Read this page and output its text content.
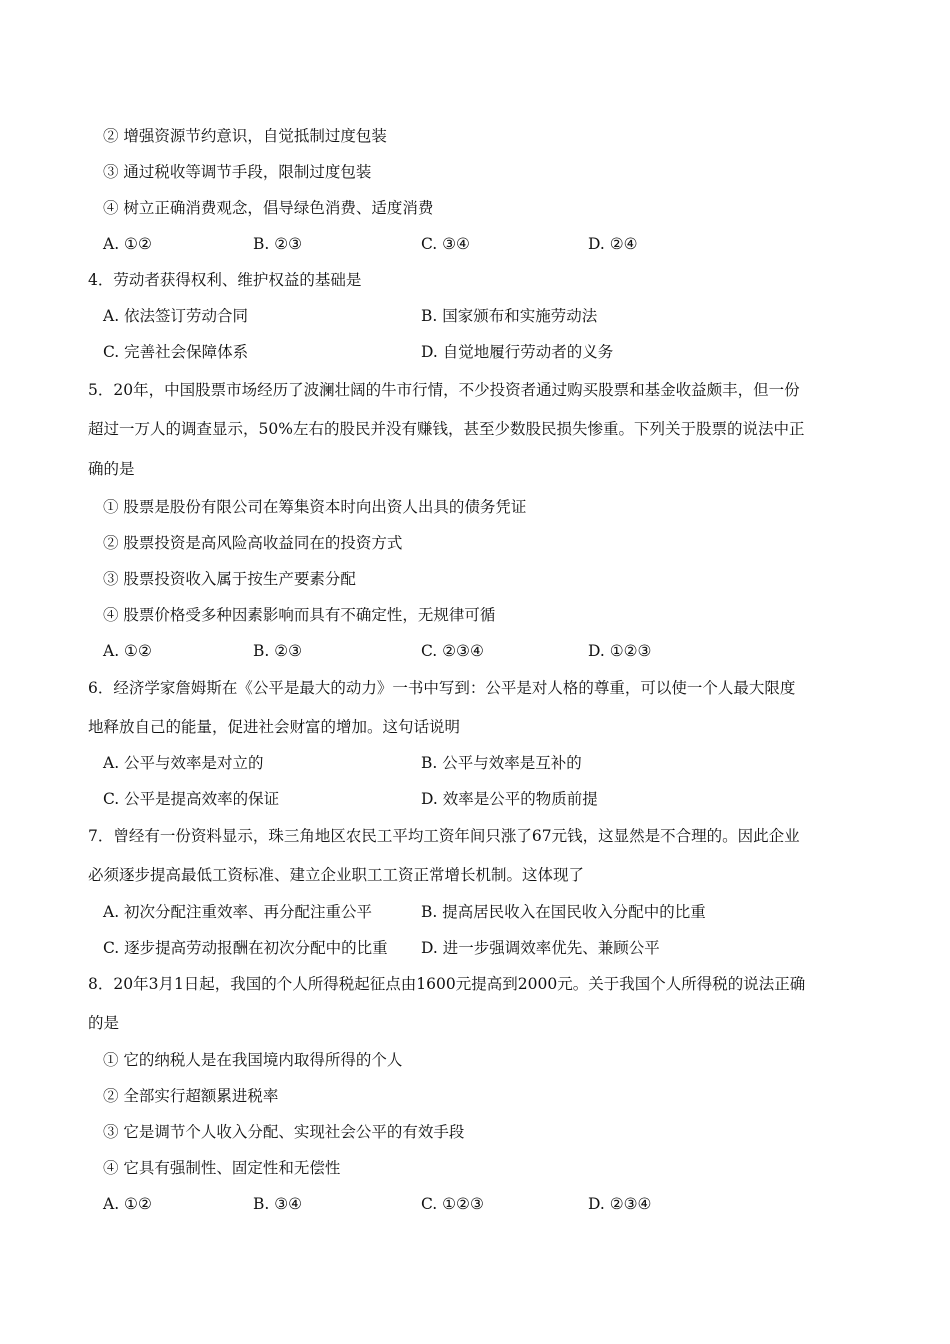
② 增强资源节约意识，自觉抵制过度包装
③ 通过税收等调节手段，限制过度包装
④ 树立正确消费观念，倡导绿色消费、适度消费
A. ①②	B. ②③	C. ③④	D. ②④
4．劳动者获得权利、维护权益的基础是
A. 依法签订劳动合同	B. 国家颁布和实施劳动法
C. 完善社会保障体系	D. 自觉地履行劳动者的义务
5．20年，中国股票市场经历了波澜壮阔的牛市行情，不少投资者通过购买股票和基金收益颇丰，但一份
超过一万人的调查显示，50%左右的股民并没有赚钱，甚至少数股民损失惨重。下列关于股票的说法中正
确的是
① 股票是股份有限公司在筹集资本时向出资人出具的债务凭证
② 股票投资是高风险高收益同在的投资方式
③ 股票投资收入属于按生产要素分配
④ 股票价格受多种因素影响而具有不确定性，无规律可循
A. ①②	B. ②③	C. ②③④	D. ①②③
6．经济学家詹姆斯在《公平是最大的动力》一书中写到：公平是对人格的尊重，可以使一个人最大限度
地释放自己的能量，促进社会财富的增加。这句话说明
A. 公平与效率是对立的	B. 公平与效率是互补的
C. 公平是提高效率的保证	D. 效率是公平的物质前提
7．曾经有一份资料显示，珠三角地区农民工平均工资年间只涨了67元钱，这显然是不合理的。因此企业
必须逐步提高最低工资标准、建立企业职工工资正常增长机制。这体现了
A. 初次分配注重效率、再分配注重公平	B. 提高居民收入在国民收入分配中的比重
C. 逐步提高劳动报酬在初次分配中的比重 D. 进一步强调效率优先、兼顾公平
8．20年3月1日起，我国的个人所得税起征点由1600元提高到2000元。关于我国个人所得税的说法正确
的是
① 它的纳税人是在我国境内取得所得的个人
② 全部实行超额累进税率
③ 它是调节个人收入分配、实现社会公平的有效手段
④ 它具有强制性、固定性和无偿性
A. ①②	B. ③④	C. ①②③	D. ②③④
